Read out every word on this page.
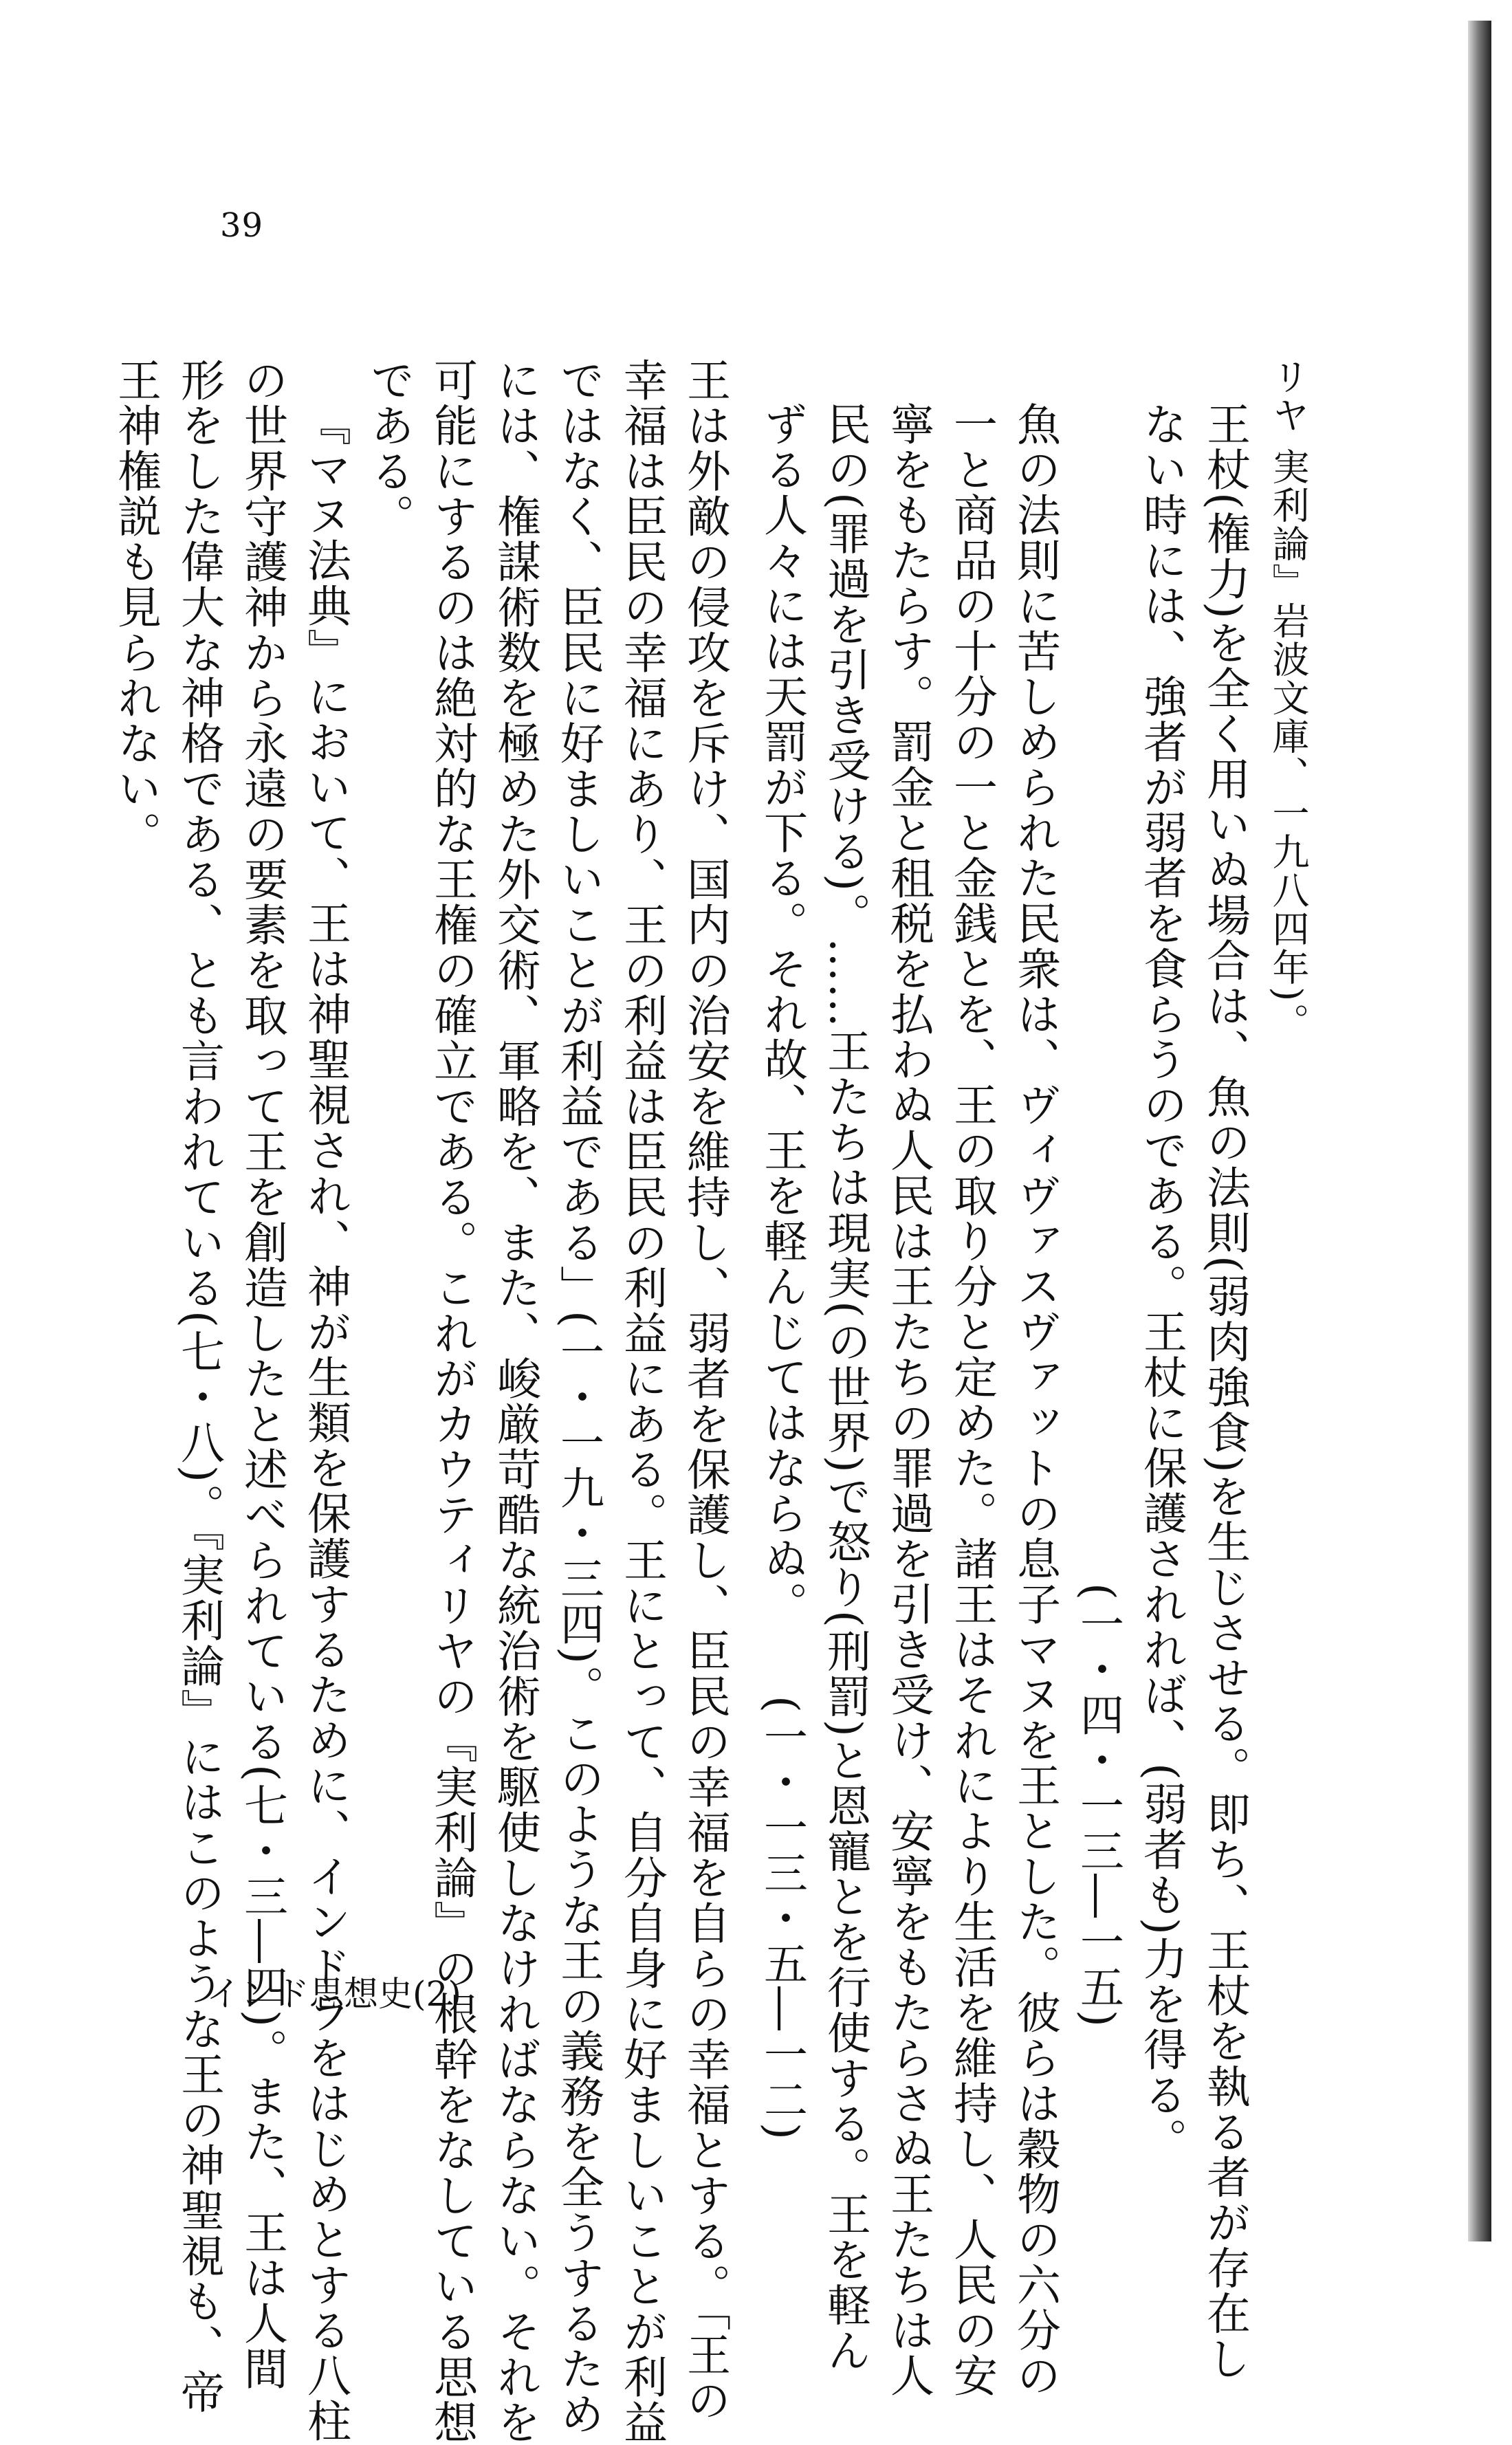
39
リヤ 実利論』岩波文庫、一九八四年)。
王杖(権力)を全く用いぬ場合は、魚の法則(弱肉強食)を生じさせる。即ち、王杖を執る者が存在し
ない時には、強者が弱者を食らうのである。王杖に保護されれば、(弱者も)力を得る。
(一・四・一三―一五)
魚の法則に苦しめられた民衆は、ヴィヴァスヴァットの息子マヌを王とした。彼らは穀物の六分の
一と商品の十分の一と金銭とを、王の取り分と定めた。諸王はそれにより生活を維持し、人民の安
寧をもたらす。罰金と租税を払わぬ人民は王たちの罪過を引き受け、安寧をもたらさぬ王たちは人
民の(罪過を引き受ける)。……王たちは現実(の世界)で怒り(刑罰)と恩寵とを行使する。王を軽ん
ずる人々には天罰が下る。それ故、王を軽んじてはならぬ。　　(一・一三・五―一二)
王は外敵の侵攻を斥け、国内の治安を維持し、弱者を保護し、臣民の幸福を自らの幸福とする。「王の
幸福は臣民の幸福にあり、王の利益は臣民の利益にある。王にとって、自分自身に好ましいことが利益
ではなく、臣民に好ましいことが利益である」(一・一九・三四)。このような王の義務を全うするため
には、権謀術数を極めた外交術、軍略を、また、峻厳苛酷な統治術を駆使しなければならない。それを
可能にするのは絶対的な王権の確立である。これがカウティリヤの『実利論』の根幹をなしている思想
である。
『マヌ法典』において、王は神聖視され、神が生類を保護するために、インドラをはじめとする八柱
の世界守護神から永遠の要素を取って王を創造したと述べられている(七・三―四)。また、王は人間
形をした偉大な神格である、とも言われている(七・八)。『実利論』にはこのような王の神聖視も、帝
王神権説も見られない。
インド思想史(2)
